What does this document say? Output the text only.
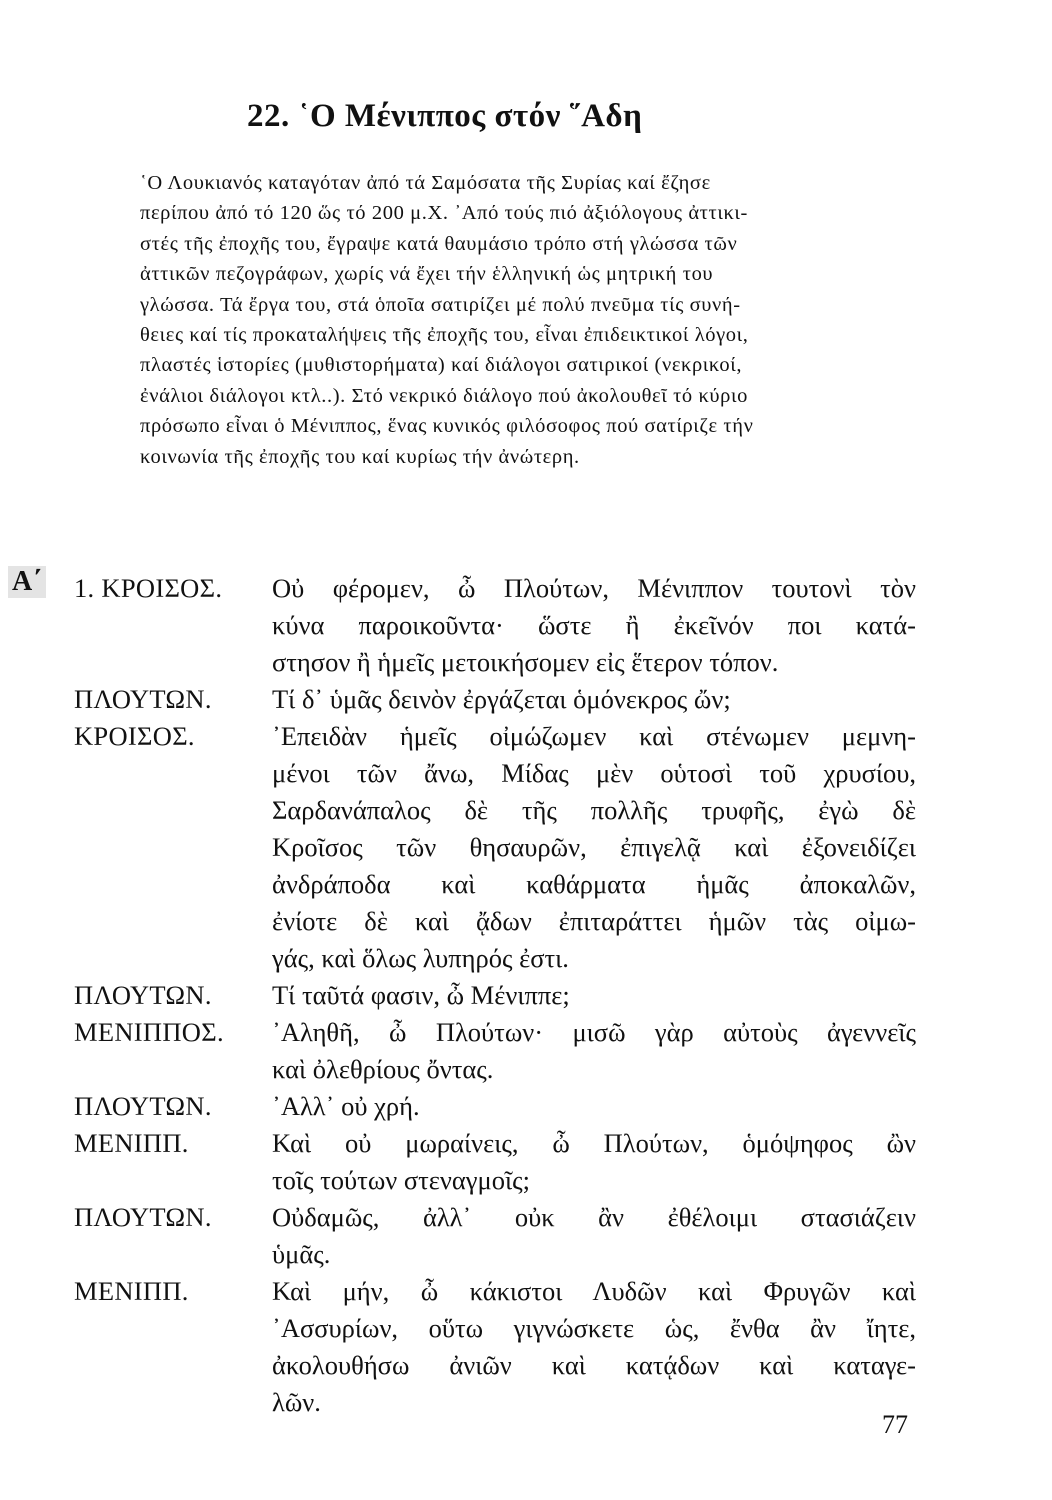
22. ῾Ο Μένιππος στόν ῞Αδη
῾Ο Λουκιανός καταγόταν ἀπό τά Σαμόσατα τῆς Συρίας καί ἔζησε
περίπου ἀπό τό 120 ὥς τό 200 μ.Χ. ᾿Από τούς πιό ἀξιόλογους ἀττικι-
στές τῆς ἐποχῆς του, ἔγραψε κατά θαυμάσιο τρόπο στή γλώσσα τῶν
ἀττικῶν πεζογράφων, χωρίς νά ἔχει τήν ἑλληνική ὡς μητρική του
γλώσσα. Τά ἔργα του, στά ὁποῖα σατιρίζει μέ πολύ πνεῦμα τίς συνή-
θειες καί τίς προκαταλήψεις τῆς ἐποχῆς του, εἶναι ἐπιδεικτικοί λόγοι,
πλαστές ἱστορίες (μυθιστορήματα) καί διάλογοι σατιρικοί (νεκρικοί,
ἐνάλιοι διάλογοι κτλ..). Στό νεκρικό διάλογο πού ἀκολουθεῖ τό κύριο
πρόσωπο εἶναι ὁ Μένιππος, ἕνας κυνικός φιλόσοφος πού σατίριζε τήν
κοινωνία τῆς ἐποχῆς του καί κυρίως τήν ἀνώτερη.
Α΄ 1. ΚΡΟΙΣΟΣ. Οὐ φέρομεν, ὦ Πλούτων, Μένιππον τουτονὶ τὸν
κύνα παροικοῦντα· ὥστε ἢ ἐκεῖνόν ποι κατά-
στησον ἢ ἡμεῖς μετοικήσομεν εἰς ἕτερον τόπον.
ΠΛΟΥΤΩΝ. Τί δ᾿ ὑμᾶς δεινὸν ἐργάζεται ὁμόνεκρος ὤν;
ΚΡΟΙΣΟΣ.	᾿Επειδὰν ἡμεῖς οἰμώζωμεν καὶ στένωμεν μεμνη-
μένοι τῶν ἄνω, Μίδας μὲν οὑτοσὶ τοῦ χρυσίου,
Σαρδανάπαλος δὲ τῆς πολλῆς τρυφῆς, ἐγὼ δὲ
Κροῖσος τῶν θησαυρῶν, ἐπιγελᾷ καὶ ἐξονειδίζει
ἀνδράποδα καὶ καθάρματα ἡμᾶς ἀποκαλῶν,
ἐνίοτε δὲ καὶ ᾄδων ἐπιταράττει ἡμῶν τὰς οἰμω-
γάς, καὶ ὅλως λυπηρός ἐστι.
ΠΛΟΥΤΩΝ. Τί ταῦτά φασιν, ὦ Μένιππε;
ΜΕΝΙΠΠΟΣ. ᾿Αληθῆ, ὦ Πλούτων· μισῶ γὰρ αὐτοὺς ἀγεννεῖς
καὶ ὀλεθρίους ὄντας.
ΠΛΟΥΤΩΝ. ᾿Αλλ᾿ οὐ χρή.
ΜΕΝΙΠΠ.	Καὶ οὐ μωραίνεις, ὦ Πλούτων, ὁμόψηφος ὢν
τοῖς τούτων στεναγμοῖς;
ΠΛΟΥΤΩΝ. Οὐδαμῶς, ἀλλ᾿ οὐκ ἂν ἐθέλοιμι στασιάζειν
ὑμᾶς.
ΜΕΝΙΠΠ.	Καὶ μήν, ὦ κάκιστοι Λυδῶν καὶ Φρυγῶν καὶ
᾿Ασσυρίων, οὕτω γιγνώσκετε ὡς, ἔνθα ἂν ἴητε,
ἀκολουθήσω ἀνιῶν καὶ κατᾴδων καὶ καταγε-
λῶν.
77
